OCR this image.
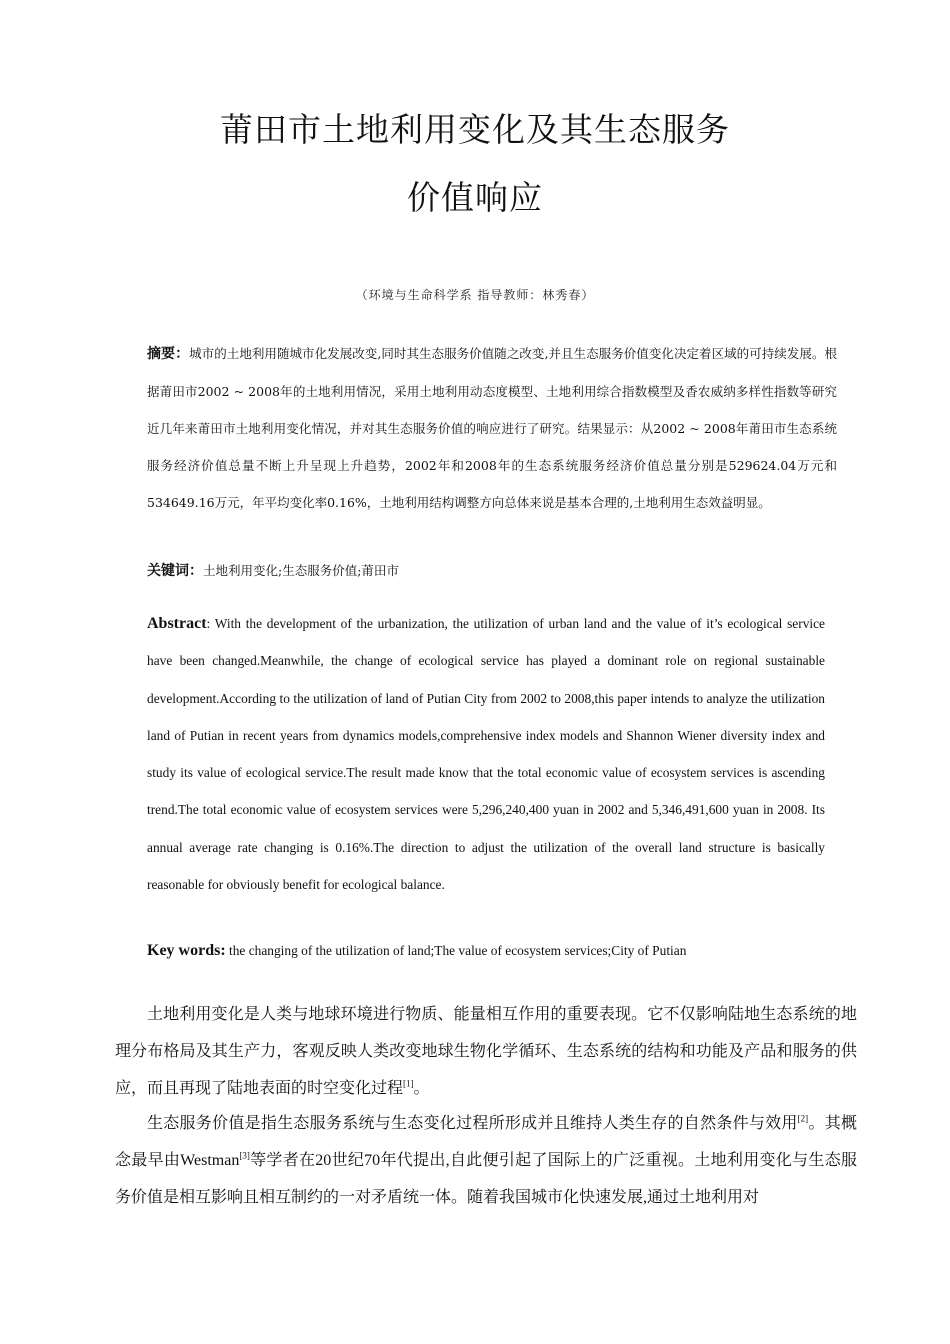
莆田市土地利用变化及其生态服务
价值响应
（环境与生命科学系 指导教师：林秀春）
摘要：城市的土地利用随城市化发展改变,同时其生态服务价值随之改变,并且生态服务价值变化决定着区域的可持续发展。根据莆田市2002 ~ 2008年的土地利用情况，采用土地利用动态度模型、土地利用综合指数模型及香农威纳多样性指数等研究近几年来莆田市土地利用变化情况，并对其生态服务价值的响应进行了研究。结果显示：从2002 ~ 2008年莆田市生态系统服务经济价值总量不断上升呈现上升趋势，2002年和2008年的生态系统服务经济价值总量分别是529624.04万元和534649.16万元，年平均变化率0.16%，土地利用结构调整方向总体来说是基本合理的,土地利用生态效益明显。
关键词：土地利用变化;生态服务价值;莆田市
Abstract: With the development of the urbanization, the utilization of urban land and the value of it’s ecological service have been changed.Meanwhile, the change of ecological service has played a dominant role on regional sustainable development.According to the utilization of land of Putian City from 2002 to 2008,this paper intends to analyze the utilization land of Putian in recent years from dynamics models,comprehensive index models and Shannon Wiener diversity index and study its value of ecological service.The result made know that the total economic value of ecosystem services is ascending trend.The total economic value of ecosystem services were 5,296,240,400 yuan in 2002 and 5,346,491,600 yuan in 2008. Its annual average rate changing is 0.16%.The direction to adjust the utilization of the overall land structure is basically reasonable for obviously benefit for ecological balance.
Key words: the changing of the utilization of land;The value of ecosystem services;City of Putian
土地利用变化是人类与地球环境进行物质、能量相互作用的重要表现。它不仅影响陆地生态系统的地理分布格局及其生产力，客观反映人类改变地球生物化学循环、生态系统的结构和功能及产品和服务的供应，而且再现了陆地表面的时空变化过程[1]。
生态服务价值是指生态服务系统与生态变化过程所形成并且维持人类生存的自然条件与效用[2]。其概念最早由Westman[3]等学者在20世纪70年代提出,自此便引起了国际上的广泛重视。土地利用变化与生态服务价值是相互影响且相互制约的一对矛盾统一体。随着我国城市化快速发展,通过土地利用对
